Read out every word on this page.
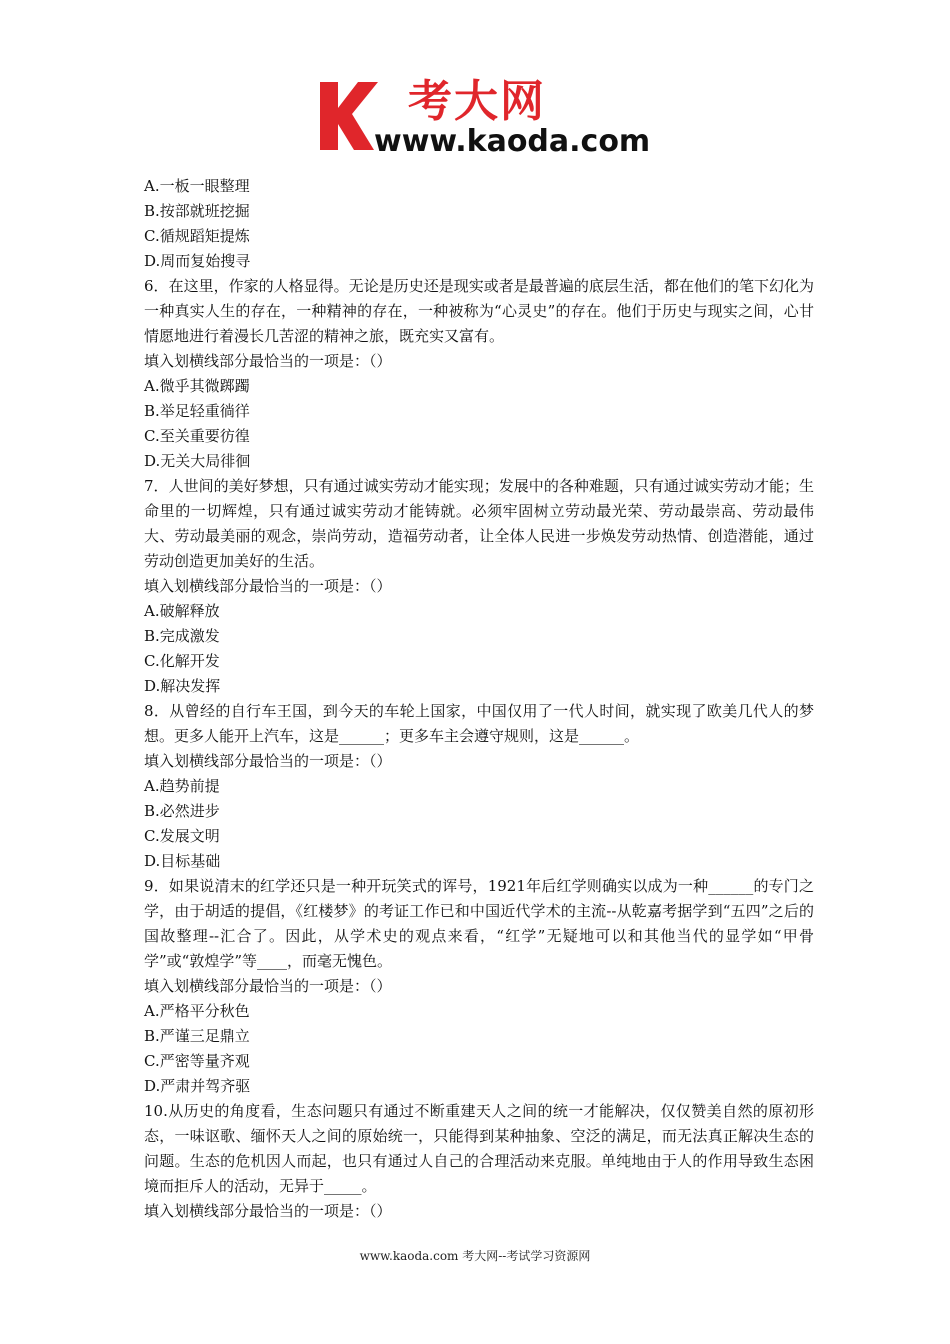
考大网
www.kaoda.com
A.一板一眼整理
B.按部就班挖掘
C.循规蹈矩提炼
D.周而复始搜寻
6．在这里，作家的人格显得。无论是历史还是现实或者是最普遍的底层生活，都在他们的笔下幻化为一种真实人生的存在，一种精神的存在，一种被称为“心灵史”的存在。他们于历史与现实之间，心甘情愿地进行着漫长几苦涩的精神之旅，既充实又富有。
填入划横线部分最恰当的一项是：（）
A.微乎其微踯躅
B.举足轻重徜徉
C.至关重要彷徨
D.无关大局徘徊
7．人世间的美好梦想，只有通过诚实劳动才能实现；发展中的各种难题，只有通过诚实劳动才能；生命里的一切辉煌，只有通过诚实劳动才能铸就。必须牢固树立劳动最光荣、劳动最崇高、劳动最伟大、劳动最美丽的观念，崇尚劳动，造福劳动者，让全体人民进一步焕发劳动热情、创造潜能，通过劳动创造更加美好的生活。
填入划横线部分最恰当的一项是：（）
A.破解释放
B.完成激发
C.化解开发
D.解决发挥
8．从曾经的自行车王国，到今天的车轮上国家，中国仅用了一代人时间，就实现了欧美几代人的梦想。更多人能开上汽车，这是______；更多车主会遵守规则，这是______。
填入划横线部分最恰当的一项是：（）
A.趋势前提
B.必然进步
C.发展文明
D.目标基础
9．如果说清末的红学还只是一种开玩笑式的诨号，1921年后红学则确实以成为一种______的专门之学，由于胡适的提倡，《红楼梦》的考证工作已和中国近代学术的主流--从乾嘉考据学到“五四”之后的国故整理--汇合了。因此，从学术史的观点来看，“红学”无疑地可以和其他当代的显学如“甲骨学”或“敦煌学”等____，而毫无愧色。
填入划横线部分最恰当的一项是：（）
A.严格平分秋色
B.严谨三足鼎立
C.严密等量齐观
D.严肃并驾齐驱
10.从历史的角度看，生态问题只有通过不断重建天人之间的统一才能解决，仅仅赞美自然的原初形态，一味讴歌、缅怀天人之间的原始统一，只能得到某种抽象、空泛的满足，而无法真正解决生态的问题。生态的危机因人而起，也只有通过人自己的合理活动来克服。单纯地由于人的作用导致生态困境而拒斥人的活动，无异于_____。
填入划横线部分最恰当的一项是：（）
www.kaoda.com 考大网--考试学习资源网
